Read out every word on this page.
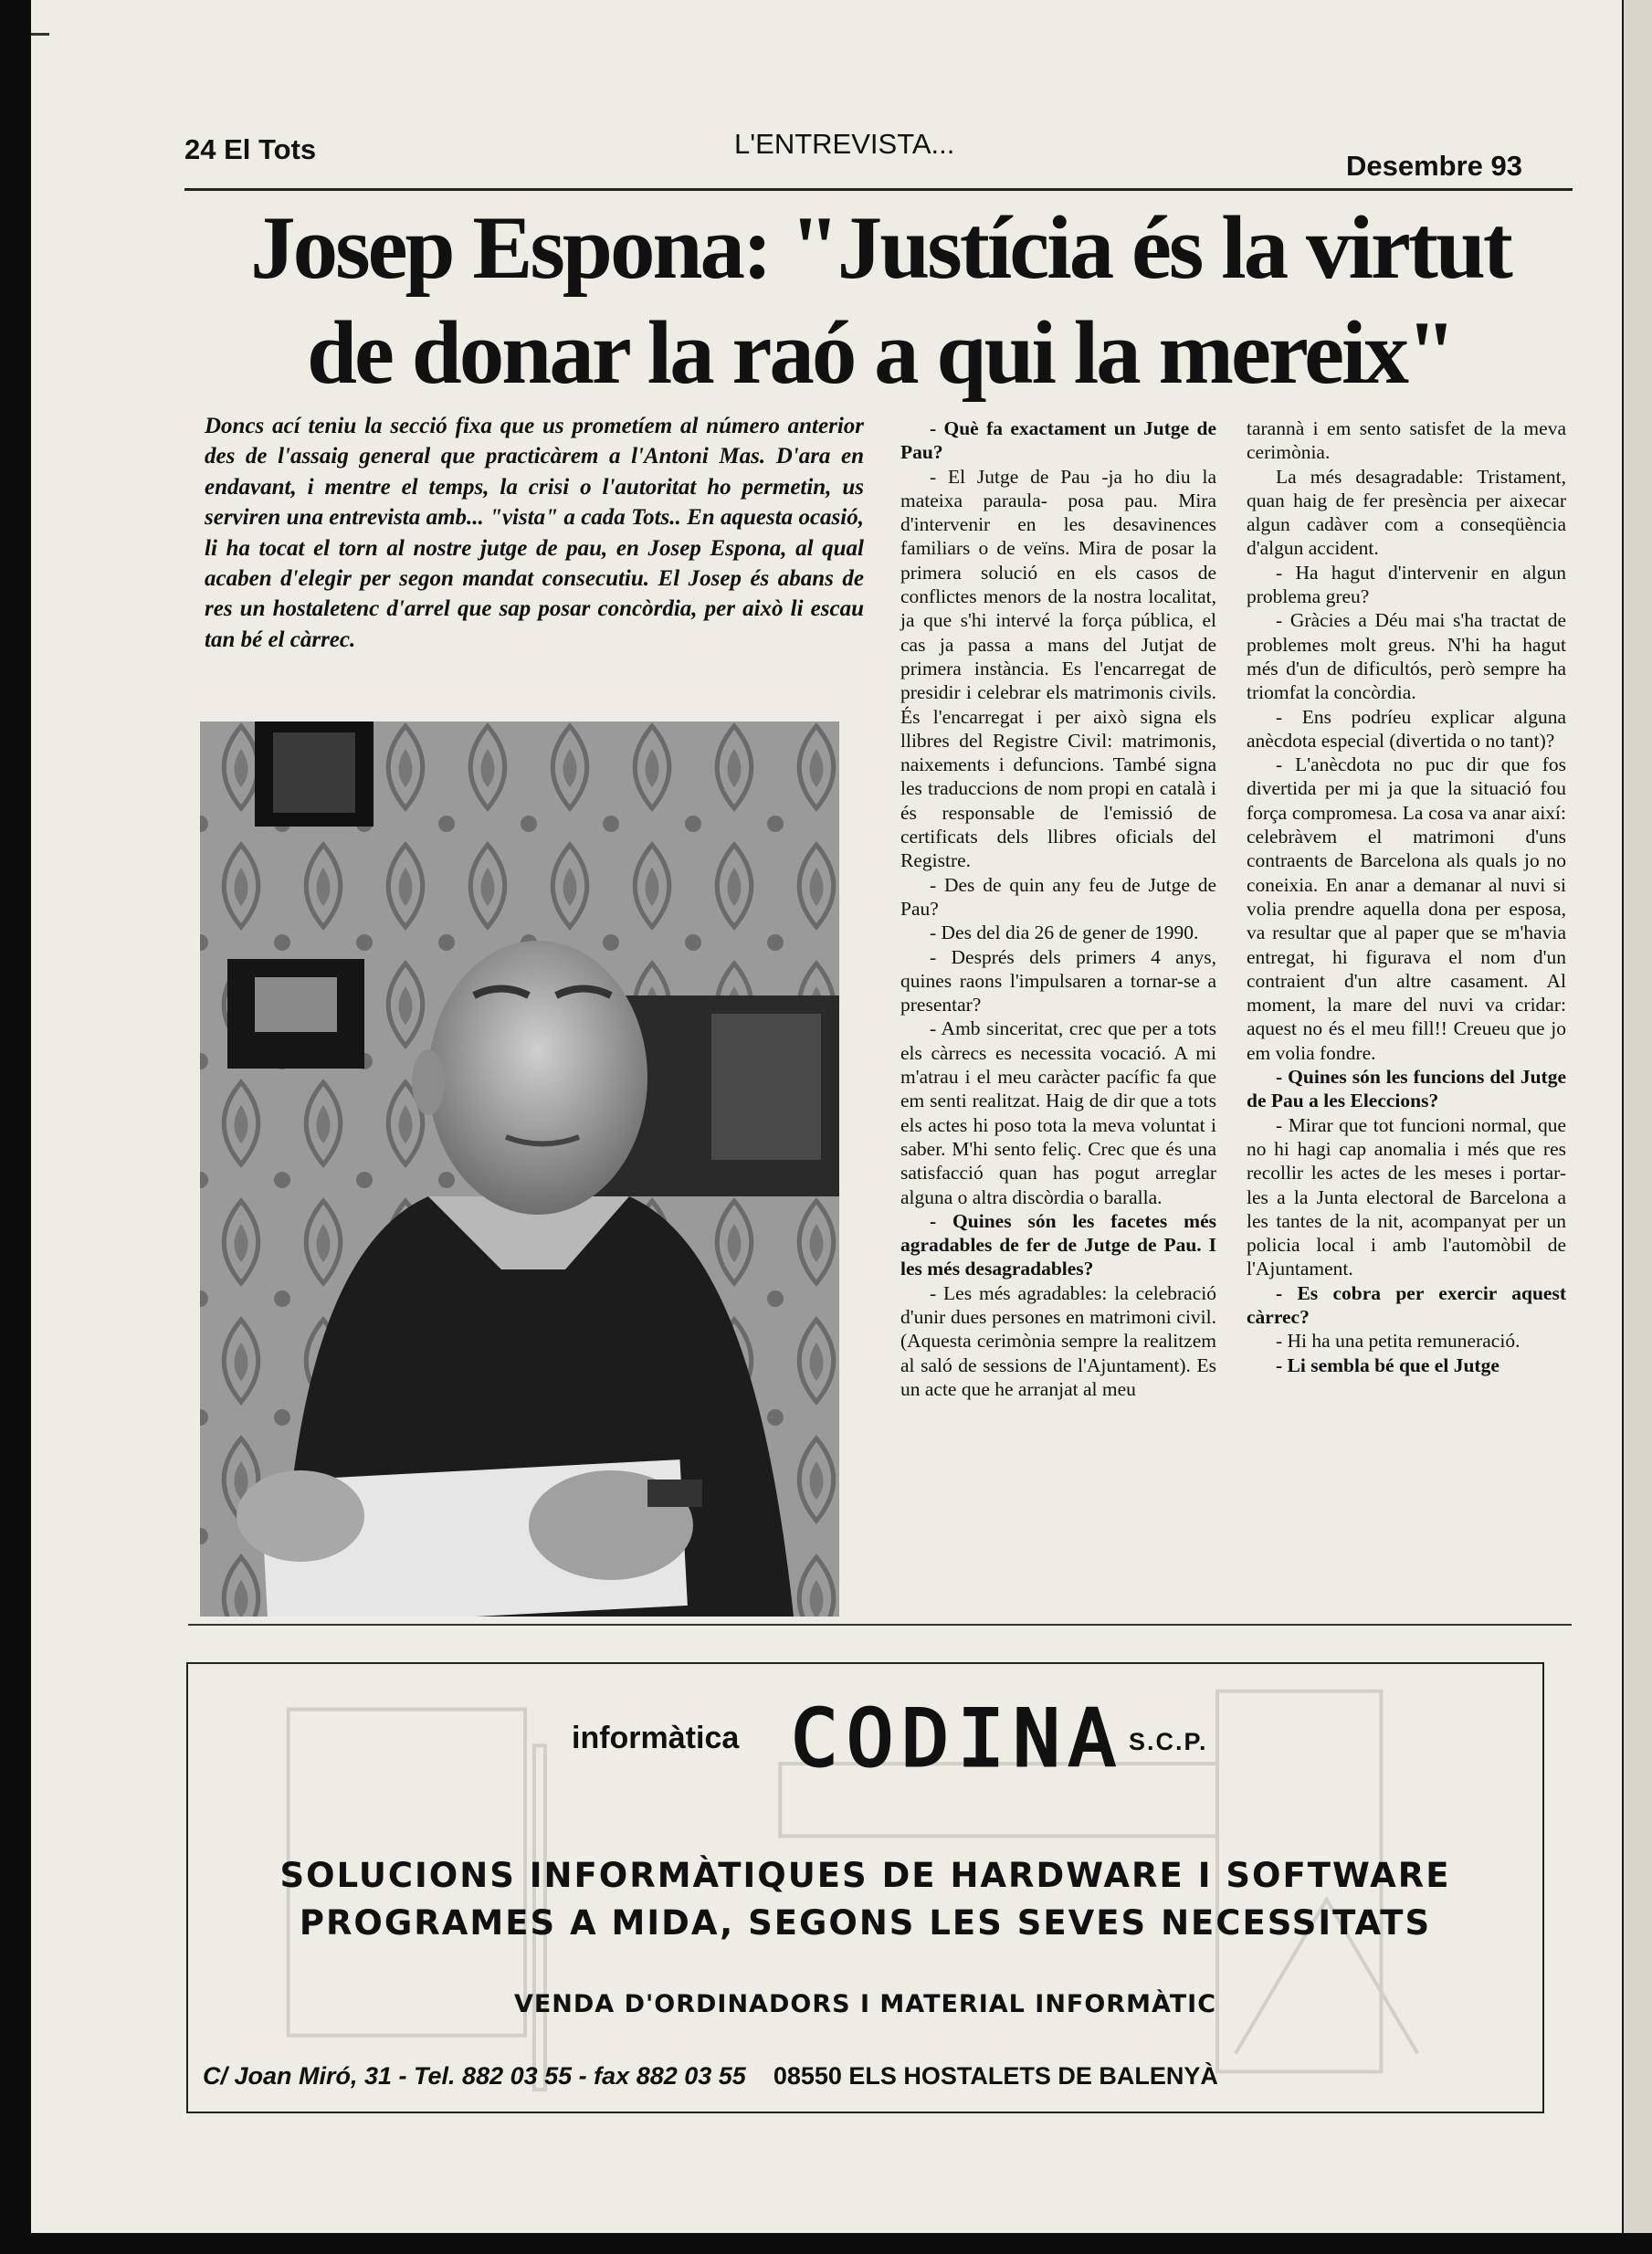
24 El Tots	L'ENTREVISTA...
Desembre 93
Josep Espona: "Justícia és la virtut
de donar la raó a qui la mereix"

Doncs ací teniu la secció fixa que us prometíem al número anterior des de l'assaig general que practicàrem a l'Antoni Mas. D'ara en endavant, i mentre el temps, la crisi o l'autoritat ho permetin, us serviren una entrevista amb... "vista" a cada Tots.. En aquesta ocasió, li ha tocat el torn al nostre jutge de pau, en Josep Espona, al qual acaben d'elegir per segon mandat consecutiu. El Josep és abans de res un hostaletenc d'arrel que sap posar concòrdia, per això li escau tan bé el càrrec.

- Què fa exactament un Jutge de Pau?

- El Jutge de Pau -ja ho diu la mateixa paraula- posa pau. Mira d'intervenir en les desavinences familiars o de veïns. Mira de posar la primera solució en els casos de conflictes menors de la nostra localitat, ja que s'hi intervé la força pública, el cas ja passa a mans del Jutjat de primera instància. Es l'encarregat de presidir i celebrar els matrimonis civils. És l'encarregat i per això signa els llibres del Registre Civil: matrimonis, naixements i defuncions. També signa les traduccions de nom propi en català i és responsable de l'emissió de certificats dels llibres oficials del Registre.

- Des de quin any feu de Jutge de Pau?

- Des del dia 26 de gener de 1990.

- Després dels primers 4 anys, quines raons l'impulsaren a tornar-se a presentar?

- Amb sinceritat, crec que per a tots els càrrecs es necessita vocació. A mi m'atrau i el meu caràcter pacífic fa que em senti realitzat. Haig de dir que a tots els actes hi poso tota la meva voluntat i saber. M'hi sento feliç. Crec que és una satisfacció quan has pogut arreglar alguna o altra discòrdia o baralla.

- Quines són les facetes més agradables de fer de Jutge de Pau. I les més desagradables?

- Les més agradables: la celebració d'unir dues persones en matrimoni civil. (Aquesta cerimònia sempre la realitzem al saló de sessions de l'Ajuntament). Es un acte que he arranjat al meu

tarannà i em sento satisfet de la meva cerimònia.

La més desagradable: Tristament, quan haig de fer presència per aixecar algun cadàver com a conseqüència d'algun accident.

- Ha hagut d'intervenir en algun problema greu?

- Gràcies a Déu mai s'ha tractat de problemes molt greus. N'hi ha hagut més d'un de dificultós, però sempre ha triomfat la concòrdia.

- Ens podríeu explicar alguna anècdota especial (divertida o no tant)?

- L'anècdota no puc dir que fos divertida per mi ja que la situació fou força compromesa. La cosa va anar així: celebràvem el matrimoni d'uns contraents de Barcelona als quals jo no coneixia. En anar a demanar al nuvi si volia prendre aquella dona per esposa, va resultar que al paper que se m'havia entregat, hi figurava el nom d'un contraient d'un altre casament. Al moment, la mare del nuvi va cridar: aquest no és el meu fill!! Creueu que jo em volia fondre.

- Quines són les funcions del Jutge de Pau a les Eleccions?

- Mirar que tot funcioni normal, que no hi hagi cap anomalia i més que res recollir les actes de les meses i portar-les a la Junta electoral de Barcelona a les tantes de la nit, acompanyat per un policia local i amb l'automòbil de l'Ajuntament.

- Es cobra per exercir aquest càrrec?

- Hi ha una petita remuneració.

- Li sembla bé que el Jutge

informàtica CODINA S.C.P.
SOLUCIONS INFORMÀTIQUES DE HARDWARE I SOFTWARE
PROGRAMES A MIDA, SEGONS LES SEVES NECESSITATS
VENDA D'ORDINADORS I MATERIAL INFORMÀTIC
C/ Joan Miró, 31 - Tel. 882 03 55 - fax 882 03 55 08550 ELS HOSTALETS DE BALENYÀ
